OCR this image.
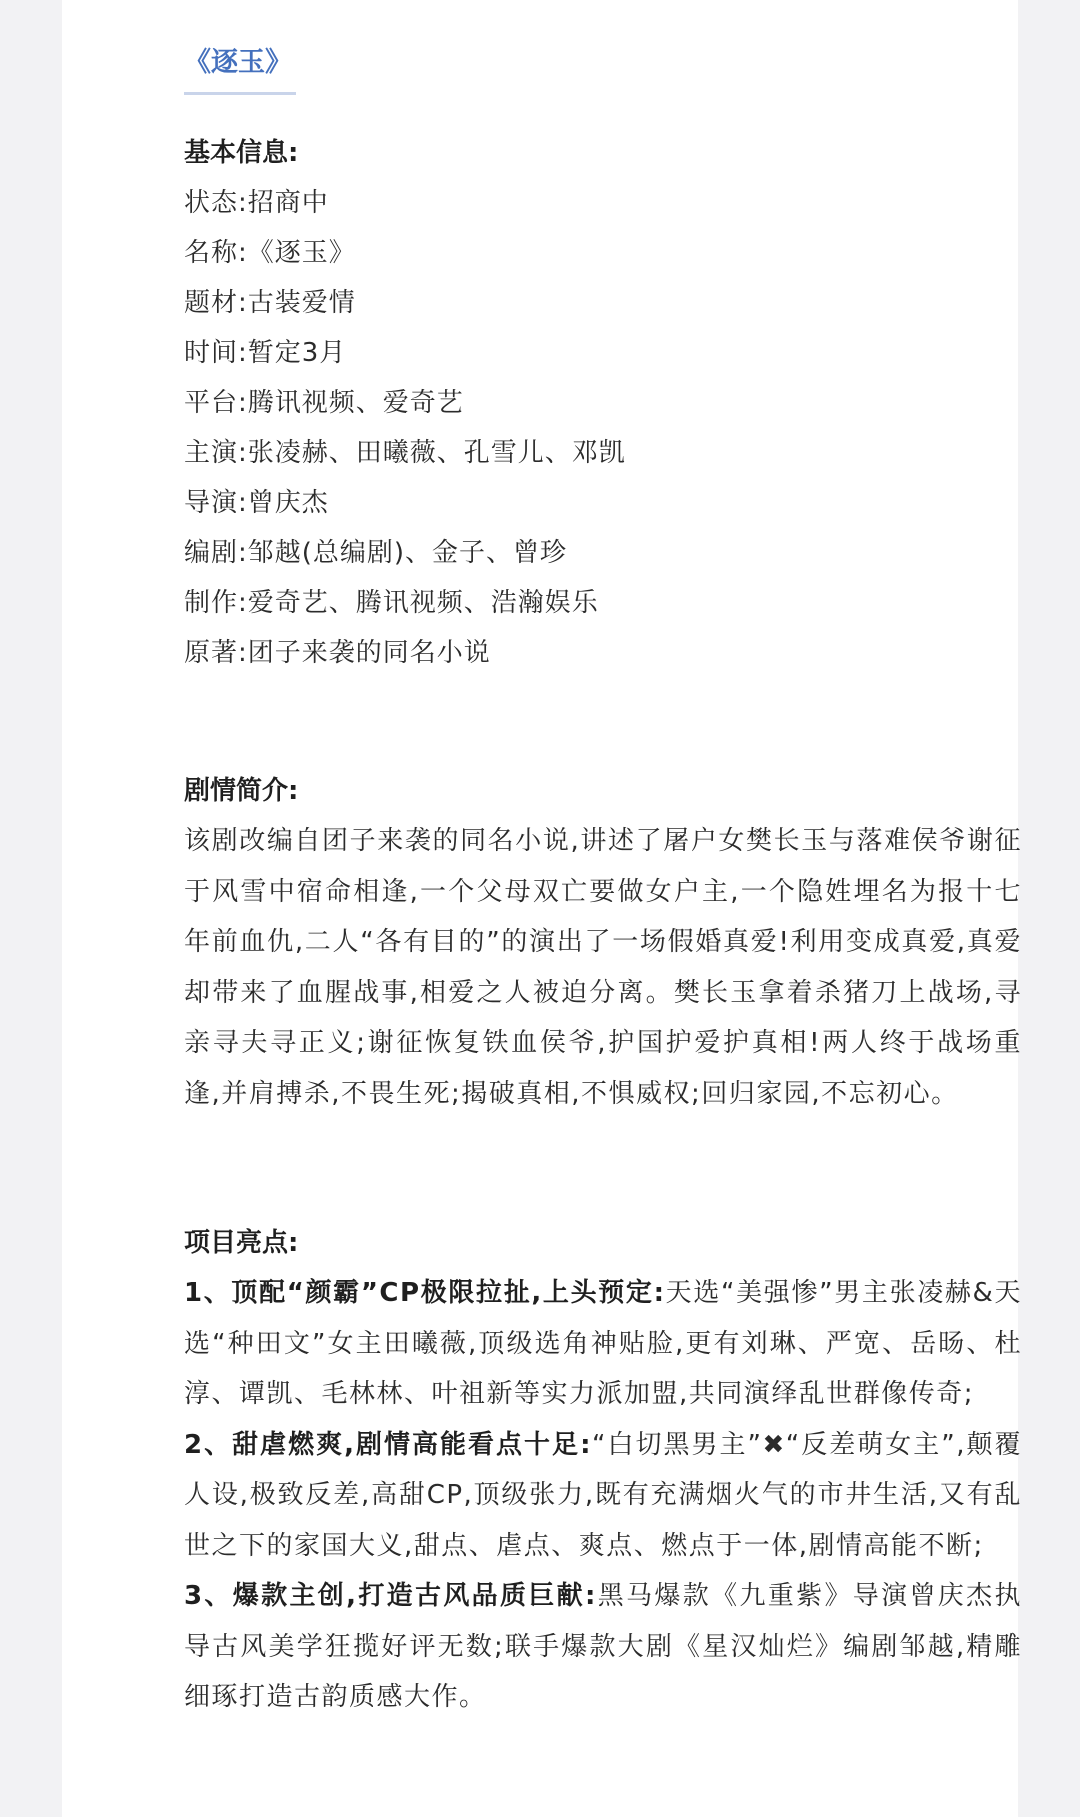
《逐玉》
基本信息:
状态:招商中
名称:《逐玉》
题材:古装爱情
时间:暂定3月
平台:腾讯视频、爱奇艺
主演:张凌赫、田曦薇、孔雪儿、邓凯
导演:曾庆杰
编剧:邹越(总编剧)、金子、曾珍
制作:爱奇艺、腾讯视频、浩瀚娱乐
原著:团子来袭的同名小说
剧情简介:
该剧改编自团子来袭的同名小说,讲述了屠户女樊长玉与落难侯爷谢征于风雪中宿命相逢,一个父母双亡要做女户主,一个隐姓埋名为报十七年前血仇,二人“各有目的”的演出了一场假婚真爱!利用变成真爱,真爱却带来了血腥战事,相爱之人被迫分离。樊长玉拿着杀猪刀上战场,寻亲寻夫寻正义;谢征恢复铁血侯爷,护国护爱护真相!两人终于战场重逢,并肩搏杀,不畏生死;揭破真相,不惧威权;回归家园,不忘初心。
项目亮点:
1、顶配“颜霸”CP极限拉扯,上头预定:天选“美强惨”男主张凌赫&天选“种田文”女主田曦薇,顶级选角神贴脸,更有刘琳、严宽、岳旸、杜淳、谭凯、毛林林、叶祖新等实力派加盟,共同演绎乱世群像传奇;
2、甜虐燃爽,剧情高能看点十足:“白切黑男主”✖“反差萌女主”,颠覆人设,极致反差,高甜CP,顶级张力,既有充满烟火气的市井生活,又有乱世之下的家国大义,甜点、虐点、爽点、燃点于一体,剧情高能不断;
3、爆款主创,打造古风品质巨献:黑马爆款《九重紫》导演曾庆杰执导古风美学狂揽好评无数;联手爆款大剧《星汉灿烂》编剧邹越,精雕细琢打造古韵质感大作。
